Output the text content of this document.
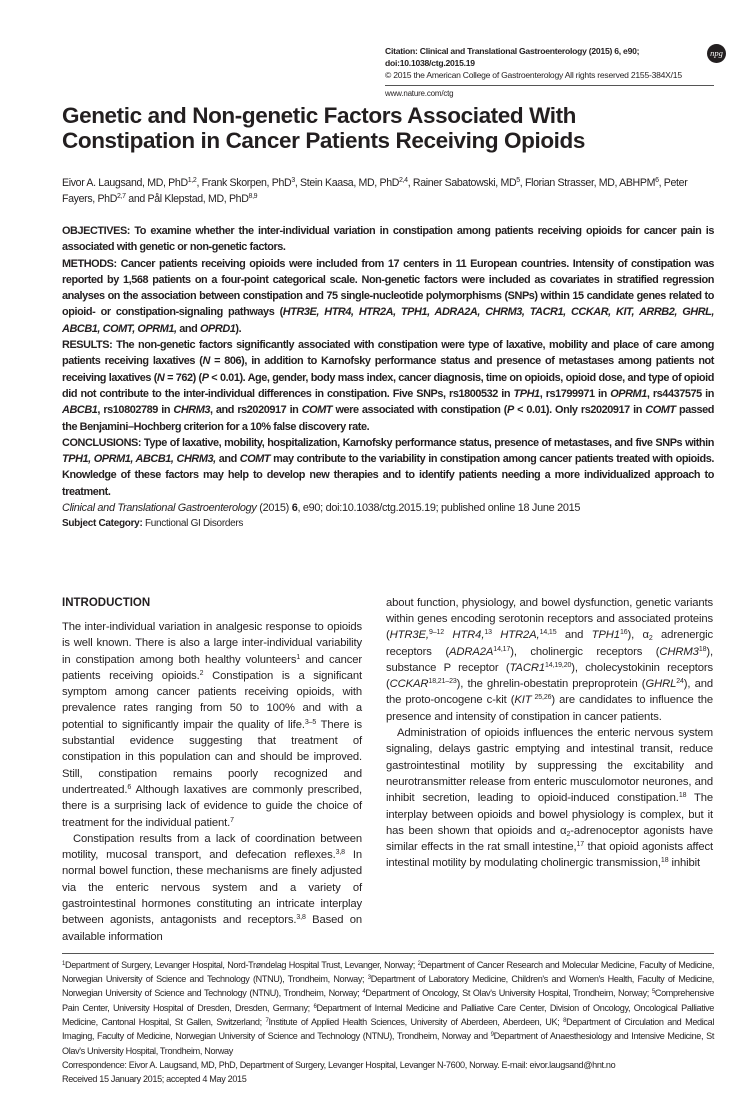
Citation: Clinical and Translational Gastroenterology (2015) 6, e90; doi:10.1038/ctg.2015.19
© 2015 the American College of Gastroenterology All rights reserved 2155-384X/15
npg
www.nature.com/ctg
Genetic and Non-genetic Factors Associated With Constipation in Cancer Patients Receiving Opioids

Eivor A. Laugsand, MD, PhD$^{1,2}$, Frank Skorpen, PhD$^3$, Stein Kaasa, MD, PhD$^{2,4}$, Rainer Sabatowski, $MD^5$, Florian Strasser, MD, ABHPM$^6$, Peter Fayers, PhD$^{2,7}$ and Pål Klepstad, MD, PhD$^{8,9}$

OBJECTIVES: To examine whether the inter-individual variation in constipation among patients receiving opioids for cancer pain is associated with genetic or non-genetic factors.

METHODS: Cancer patients receiving opioids were included from 17 centers in 11 European countries. Intensity of constipation was reported by 1,568 patients on a four-point categorical scale. Non-genetic factors were included as covariates in stratified regression analyses on the association between constipation and 75 single-nucleotide polymorphisms (SNPs) within 15 candidate genes related to opioid- or constipation-signaling pathways (HTR3E, HTR4, HTR2A, TPH1, ADRA2A, CHRM3, TACR1, CCKAR, KIT, ARRB2, GHRL, ABCB1, COMT, OPRM1, and OPRD1).

RESULTS: The non-genetic factors significantly associated with constipation were type of laxative, mobility and place of care among patients receiving laxatives (N = 806), in addition to Karnofsky performance status and presence of metastases among patients not receiving laxatives (N = 762) (P < 0.01). Age, gender, body mass index, cancer diagnosis, time on opioids, opioid dose, and type of opioid did not contribute to the inter-individual differences in constipation. Five SNPs, rs1800532 in TPH1, rs1799971 in OPRM1, rs4437575 in ABCB1, rs10802789 in CHRM3, and rs2020917 in COMT were associated with constipation (P < 0.01). Only rs2020917 in COMT passed the Benjamini–Hochberg criterion for a 10% false discovery rate.

CONCLUSIONS: Type of laxative, mobility, hospitalization, Karnofsky performance status, presence of metastases, and five SNPs within TPH1, OPRM1, ABCB1, CHRM3, and COMT may contribute to the variability in constipation among cancer patients treated with opioids. Knowledge of these factors may help to develop new therapies and to identify patients needing a more individualized approach to treatment.

Clinical and Translational Gastroenterology (2015) 6, e90; doi:10.1038/ctg.2015.19; published online 18 June 2015

Subject Category: Functional GI Disorders

INTRODUCTION

The inter-individual variation in analgesic response to opioids is well known. There is also a large inter-individual variability in constipation among both healthy volunteers$^1$ and cancer patients receiving opioids.$^2$ Constipation is a significant symptom among cancer patients receiving opioids, with prevalence rates ranging from 50 to 100% and with a potential to significantly impair the quality of life.$^{3-5}$ There is substantial evidence suggesting that treatment of constipation in this population can and should be improved. Still, constipation remains poorly recognized and undertreated.$^6$ Although laxatives are commonly prescribed, there is a surprising lack of evidence to guide the choice of treatment for the individual patient.$^7$

Constipation results from a lack of coordination between motility, mucosal transport, and defecation reflexes.$^{3,8}$ In normal bowel function, these mechanisms are finely adjusted via the enteric nervous system and a variety of gastrointestinal hormones constituting an intricate interplay between agonists, antagonists and receptors.$^{3,8}$ Based on available information

about function, physiology, and bowel dysfunction, genetic variants within genes encoding serotonin receptors and associated proteins (HTR3E,$^{9-12}$ HTR4,13 HTR2A,$^{14,15}$ and $TPH1^{16}$), $\alpha_2$ adrenergic receptors $(ADRA2A^{14,17})$, cholinergic receptors $(CHRM3^{18})$, substance P receptor (TACR1$^{14,19,20}$), cholecystokinin receptors (CCKAR$^{18,21-23}$), the ghrelin-obestatin preproprotein (GHRL$^{24}$), and the proto-oncogene c-kit (KIT $^{25,26}$) are candidates to influence the presence and intensity of constipation in cancer patients.

Administration of opioids influences the enteric nervous system signaling, delays gastric emptying and intestinal transit, reduce gastrointestinal motility by suppressing the excitability and neurotransmitter release from enteric musculomotor neurones, and inhibit secretion, leading to opioid-induced constipation.$^{18}$ The interplay between opioids and bowel physiology is complex, but it has been shown that opioids and $\alpha_2$-adrenoceptor agonists have similar effects in the rat small intestine,$^{17}$ that opioid agonists affect intestinal motility by modulating cholinergic transmission,$^{18}$ inhibit

$^1$Department of Surgery, Levanger Hospital, Nord-Trøndelag Hospital Trust, Levanger, Norway; $^2$Department of Cancer Research and Molecular Medicine, Faculty of Medicine, Norwegian University of Science and Technology (NTNU), Trondheim, Norway; $^3$Department of Laboratory Medicine, Children's and Women's Health, Faculty of Medicine, Norwegian University of Science and Technology (NTNU), Trondheim, Norway; $^4$Department of Oncology, St Olav's University Hospital, Trondheim, Norway; $^5$Comprehensive Pain Center, University Hospital of Dresden, Dresden, Germany; $^6$Department of Internal Medicine and Palliative Care Center, Division of Oncology, Oncological Palliative Medicine, Cantonal Hospital, St Gallen, Switzerland; $^7$Institute of Applied Health Sciences, University of Aberdeen, Aberdeen, UK; $^8$Department of Circulation and Medical Imaging, Faculty of Medicine, Norwegian University of Science and Technology (NTNU), Trondheim, Norway and $^9$Department of Anaesthesiology and Intensive Medicine, St Olav's University Hospital, Trondheim, Norway

Correspondence: Eivor A. Laugsand, MD, PhD, Department of Surgery, Levanger Hospital, Levanger N-7600, Norway. E-mail: eivor.laugsand@hnt.no

Received 15 January 2015; accepted 4 May 2015
